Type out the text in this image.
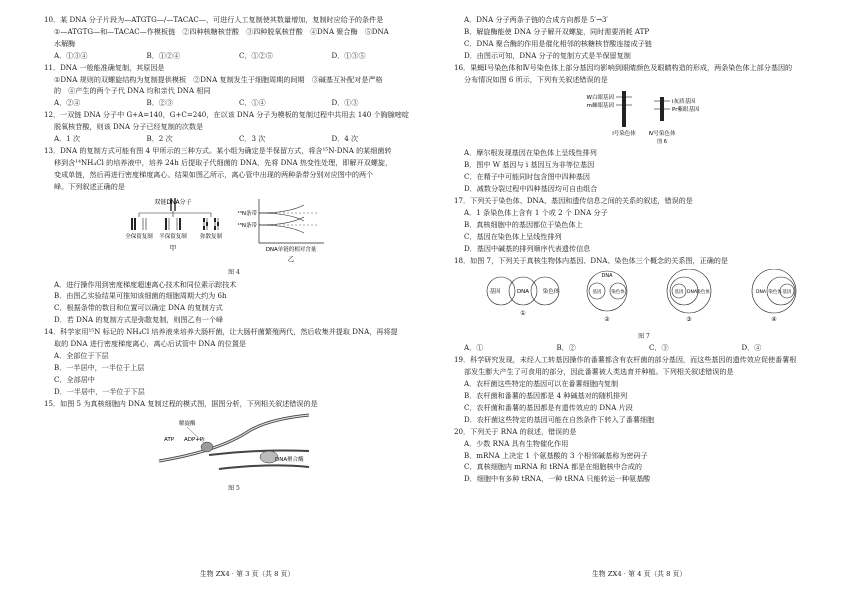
10．某 DNA 分子片段为—ATGTG—/—TACAC—，可进行人工复制使其数量增加，复制时应给予的条件是

①—ATGTG—和—TACAC—作模板链　②四种核糖核苷酸　③四种脱氧核苷酸　④DNA 聚合酶　⑤DNA

水解酶

A．①③④	B．①②④	C．①②⑤	D．①③⑤

11．DNA 一般能准确复制，其原因是

①DNA 规则的双螺旋结构为复制提供模板　②DNA 复制发生于细胞周期的间期　③碱基互补配对是严格

的　④产生的两个子代 DNA 均和亲代 DNA 相同

A．②④	B．②③	C．①④	D．①③

12．一双链 DNA 分子中 G+A=140，G+C=240，在以该 DNA 分子为模板的复制过程中共用去 140 个胸腺嘧啶

脱氧核苷酸，则该 DNA 分子已经复制的次数是

A．1 次	B．2 次	C．3 次	D．4 次

13．DNA 的复制方式可能有图 4 甲所示的三种方式。某小组为确定是半保留方式，将含¹⁵N-DNA 的某细菌转

移到含¹⁴NH₄Cl 的培养液中，培养 24h 后提取子代细菌的 DNA，先将 DNA 热变性处理，即解开双螺旋，

变成单链，然后再进行密度梯度离心。结果如图乙所示，离心管中出现的两种条带分别对应图中的两个

峰。下列叙述正确的是

双链DNA分子
全保留复制 半保留复制 弥散复制
甲
¹⁴N条带
¹⁵N条带
DNA单链的相对含量
乙
图 4

A．进行操作用到密度梯度超速离心技术和同位素示踪技术

B．由图乙实验结果可推知该细菌的细胞周期大约为 6h

C．根据条带的数目和位置可以确定 DNA 的复制方式

D．若 DNA 的复制方式是弥散复制，则图乙有一个峰

14．科学家用¹⁵N 标记的 NH₄Cl 培养液来培养大肠杆菌，让大肠杆菌繁殖两代，然后收集并提取 DNA，再将提

取的 DNA 进行密度梯度离心，离心后试管中 DNA 的位置是

A．全部位于下层

B．一半居中，一半位于上层

C．全部居中

D．一半居中，一半位于下层

15．如图 5 为真核细胞内 DNA 复制过程的模式图，据图分析，下列相关叙述错误的是

解旋酶
ATP ADP+Pi
DNA聚合酶
图 5
生物 ZX4 · 第 3 页（共 8 页）

A．DNA 分子两条子链的合成方向都是 5′→3′

B．解旋酶能使 DNA 分子解开双螺旋，同时需要消耗 ATP

C．DNA 聚合酶的作用是催化相邻的核糖核苷酸连接成子链

D．由图示可知，DNA 分子的复制方式是半保留复制

16．果蝇Ⅰ号染色体和Ⅳ号染色体上部分基因均影响到眼睛颜色及眼睛构造的形成，两条染色体上部分基因的

分布情况如图 6 所示，下列有关叙述错误的是

W白眼基因
m棘眼基因
i灰质基因
Pr紫眼基因
Ⅰ号染色体 Ⅳ号染色体
图 6

A．摩尔根发现基因在染色体上呈线性排列

B．图中 W 基因与 i 基因互为非等位基因

C．在精子中可能同时包含图中四种基因

D．减数分裂过程中四种基因均可自由组合

17．下列关于染色体、DNA、基因和遗传信息之间的关系的叙述，错误的是

A．1 条染色体上含有 1 个或 2 个 DNA 分子

B．真核细胞中的基因都位于染色体上

C．基因在染色体上呈线性排列

D．基因中碱基的排列顺序代表遗传信息

18．如图 7，下列关于真核生物体内基因、DNA、染色体三个概念的关系图，正确的是

基因	DNA 染色体
①
DNA
基因 染色体
②
基因 DNA 染色体
③
DNA 染色体 基因
④
图 7
A．①	B．②	C．③	D．④

19．科学研究发现，未经人工转基因操作的番薯都含有农杆菌的部分基因，而这些基因的遗传效应促使番薯根

部发生膨大产生了可食用的部分，因此番薯被人类选育并种植。下列相关叙述错误的是

A．农杆菌这些特定的基因可以在番薯细胞内复制

B．农杆菌和番薯的基因都是 4 种碱基对的随机排列

C．农杆菌和番薯的基因都是有遗传效应的 DNA 片段

D．农杆菌这些特定的基因可能在自然条件下转入了番薯细胞

20．下列关于 RNA 的叙述，错误的是

A．少数 RNA 具有生物催化作用

B．mRNA 上决定 1 个氨基酸的 3 个相邻碱基称为密码子

C．真核细胞内 mRNA 和 tRNA 都是在细胞核中合成的

D．细胞中有多种 tRNA，一种 tRNA 只能转运一种氨基酸

生物 ZX4 · 第 4 页（共 8 页）
